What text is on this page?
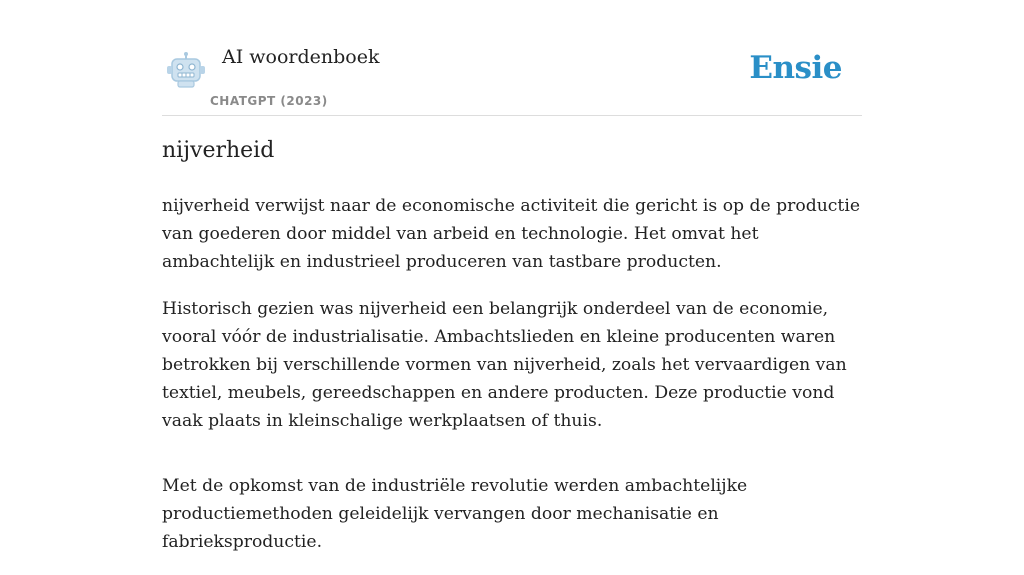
AI woordenboek
CHATGPT (2023)
Ensie
nijverheid

nijverheid verwijst naar de economische activiteit die gericht is op de productie van goederen door middel van arbeid en technologie. Het omvat het ambachtelijk en industrieel produceren van tastbare producten.

Historisch gezien was nijverheid een belangrijk onderdeel van de economie, vooral vóór de industrialisatie. Ambachtslieden en kleine producenten waren betrokken bij verschillende vormen van nijverheid, zoals het vervaardigen van textiel, meubels, gereedschappen en andere producten. Deze productie vond vaak plaats in kleinschalige werkplaatsen of thuis.

Met de opkomst van de industriële revolutie werden ambachtelijke productiemethoden geleidelijk vervangen door mechanisatie en fabrieksproductie.
